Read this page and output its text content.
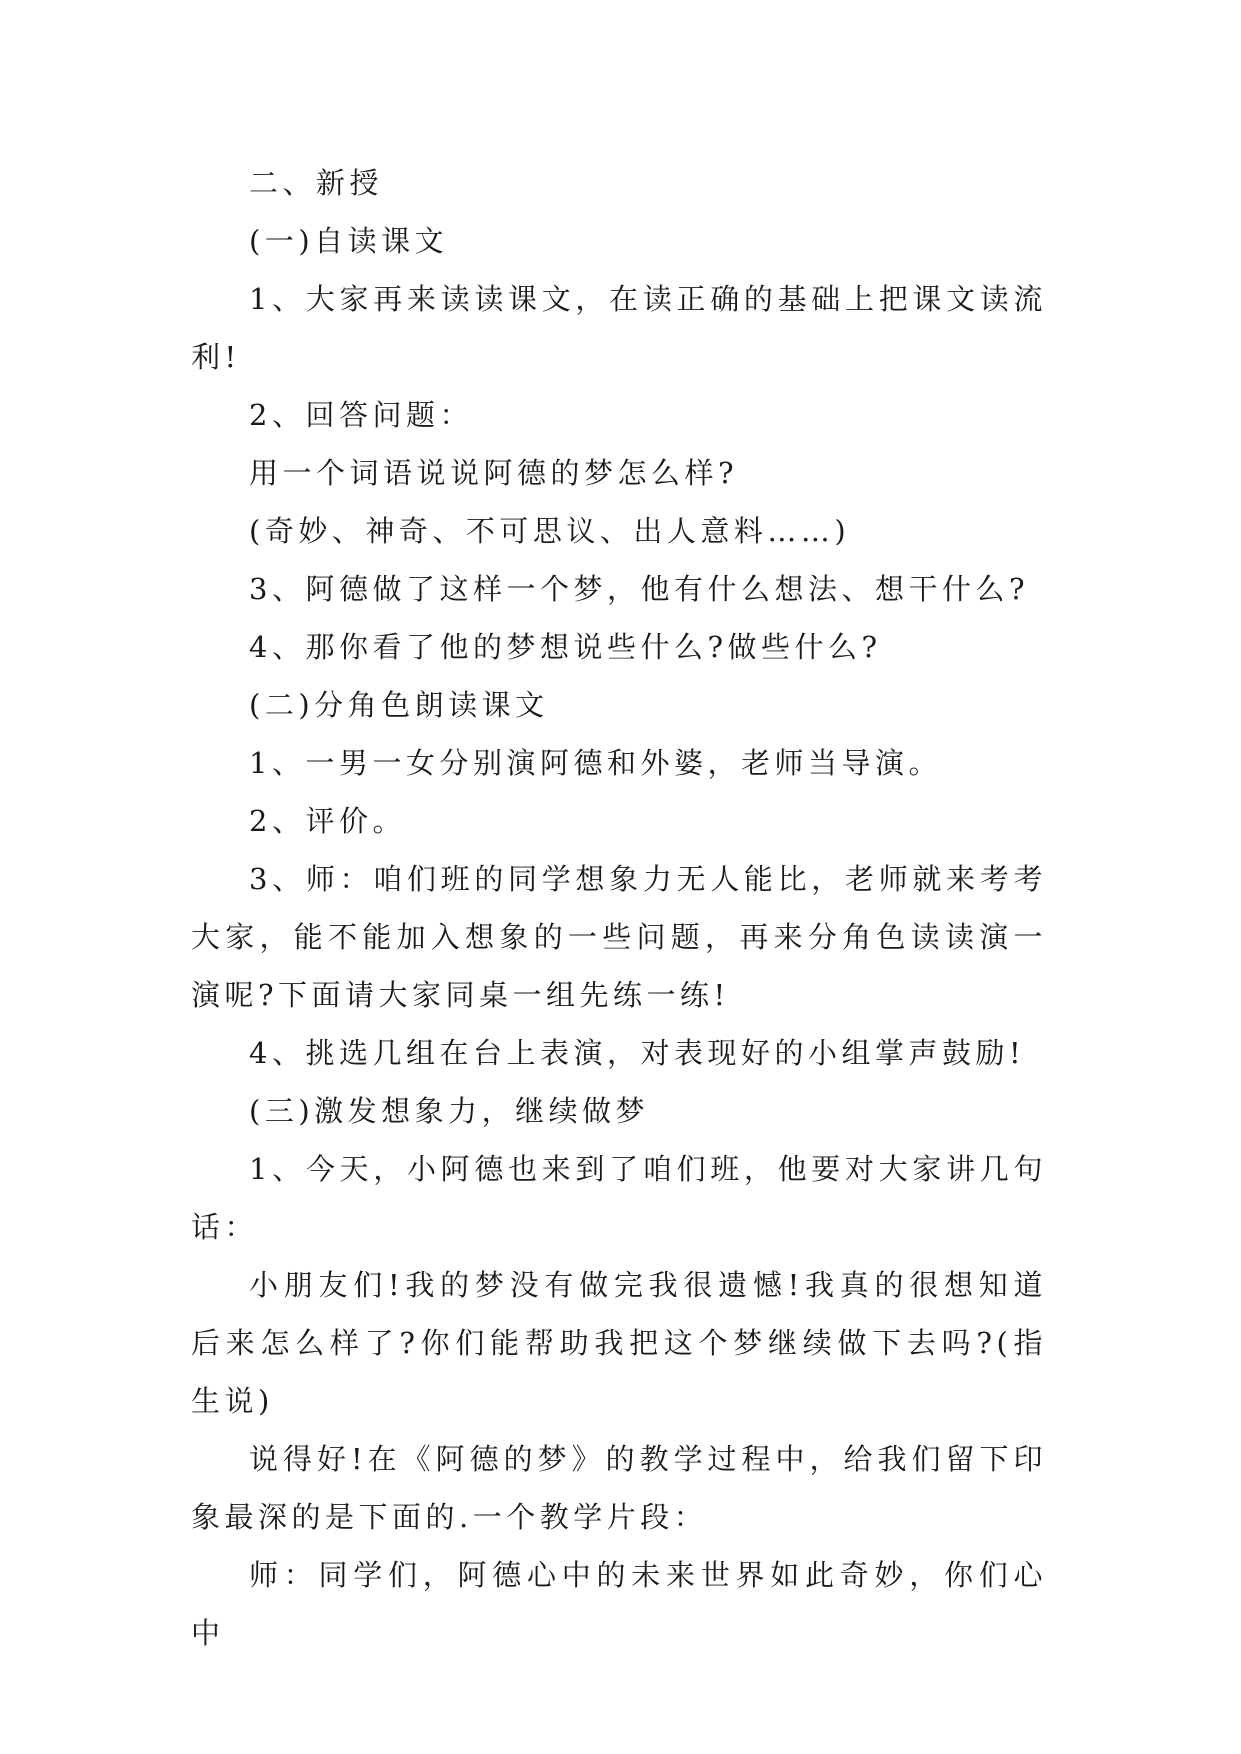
二、新授

(一)自读课文

1、大家再来读读课文，在读正确的基础上把课文读流利!

2、回答问题：

用一个词语说说阿德的梦怎么样?

(奇妙、神奇、不可思议、出人意料……)

3、阿德做了这样一个梦，他有什么想法、想干什么?

4、那你看了他的梦想说些什么?做些什么?

(二)分角色朗读课文

1、一男一女分别演阿德和外婆，老师当导演。

2、评价。

3、师：咱们班的同学想象力无人能比，老师就来考考大家，能不能加入想象的一些问题，再来分角色读读演一演呢?下面请大家同桌一组先练一练!

4、挑选几组在台上表演，对表现好的小组掌声鼓励!

(三)激发想象力，继续做梦

1、今天，小阿德也来到了咱们班，他要对大家讲几句话：

小朋友们!我的梦没有做完我很遗憾!我真的很想知道后来怎么样了?你们能帮助我把这个梦继续做下去吗?(指生说)

说得好!在《阿德的梦》的教学过程中，给我们留下印象最深的是下面的.一个教学片段：

师：同学们，阿德心中的未来世界如此奇妙，你们心中
